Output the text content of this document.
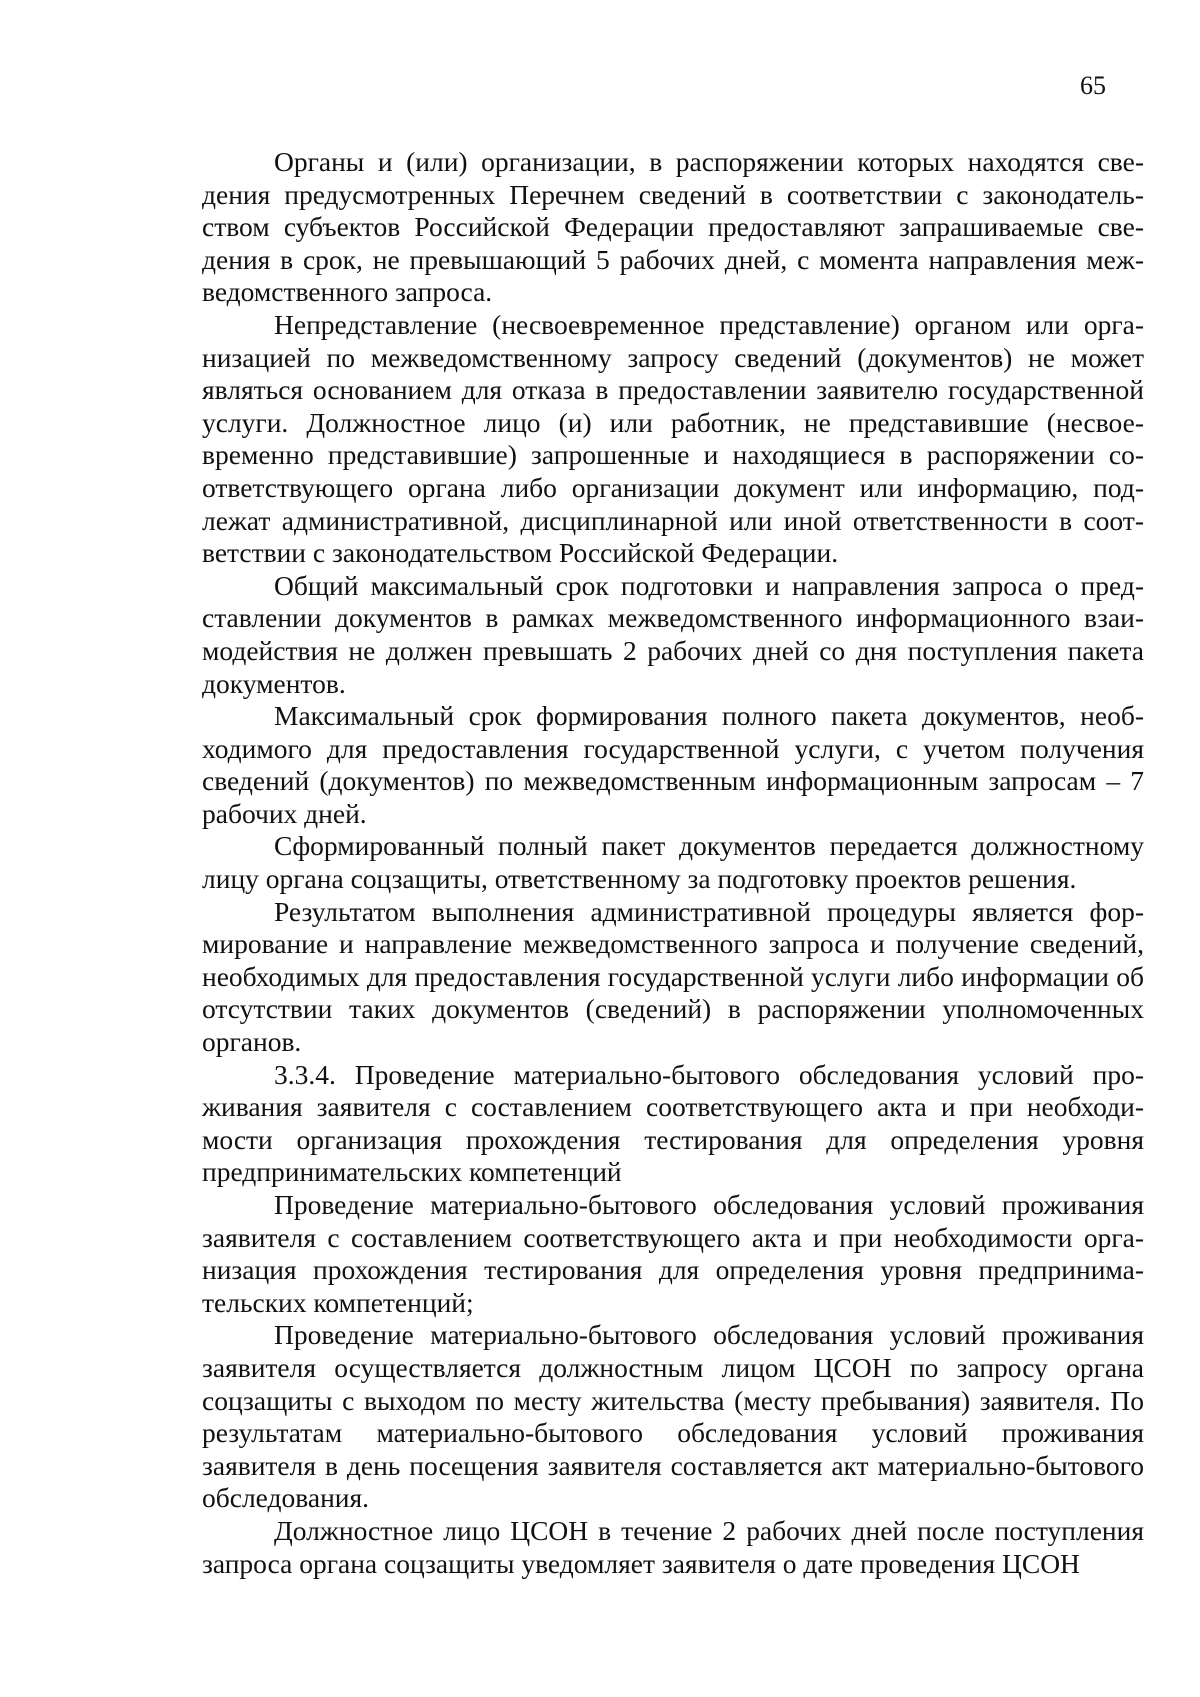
65

Органы и (или) организации, в распоряжении которых находятся сведения предусмотренных Перечнем сведений в соответствии с законодательством субъектов Российской Федерации предоставляют запрашиваемые сведения в срок, не превышающий 5 рабочих дней, с момента направления межведомственного запроса.

Непредставление (несвоевременное представление) органом или организацией по межведомственному запросу сведений (документов) не может являться основанием для отказа в предоставлении заявителю государственной услуги. Должностное лицо (и) или работник, не представившие (несвоевременно представившие) запрошенные и находящиеся в распоряжении соответствующего органа либо организации документ или информацию, подлежат административной, дисциплинарной или иной ответственности в соответствии с законодательством Российской Федерации.

Общий максимальный срок подготовки и направления запроса о представлении документов в рамках межведомственного информационного взаимодействия не должен превышать 2 рабочих дней со дня поступления пакета документов.

Максимальный срок формирования полного пакета документов, необходимого для предоставления государственной услуги, с учетом получения сведений (документов) по межведомственным информационным запросам – 7 рабочих дней.

Сформированный полный пакет документов передается должностному лицу органа соцзащиты, ответственному за подготовку проектов решения.

Результатом выполнения административной процедуры является формирование и направление межведомственного запроса и получение сведений, необходимых для предоставления государственной услуги либо информации об отсутствии таких документов (сведений) в распоряжении уполномоченных органов.

3.3.4. Проведение материально-бытового обследования условий проживания заявителя с составлением соответствующего акта и при необходимости организация прохождения тестирования для определения уровня предпринимательских компетенций

Проведение материально-бытового обследования условий проживания заявителя с составлением соответствующего акта и при необходимости организация прохождения тестирования для определения уровня предпринимательских компетенций;

Проведение материально-бытового обследования условий проживания заявителя осуществляется должностным лицом ЦСОН по запросу органа соцзащиты с выходом по месту жительства (месту пребывания) заявителя. По результатам материально-бытового обследования условий проживания заявителя в день посещения заявителя составляется акт материально-бытового обследования.

Должностное лицо ЦСОН в течение 2 рабочих дней после поступления запроса органа соцзащиты уведомляет заявителя о дате проведения ЦСОН
